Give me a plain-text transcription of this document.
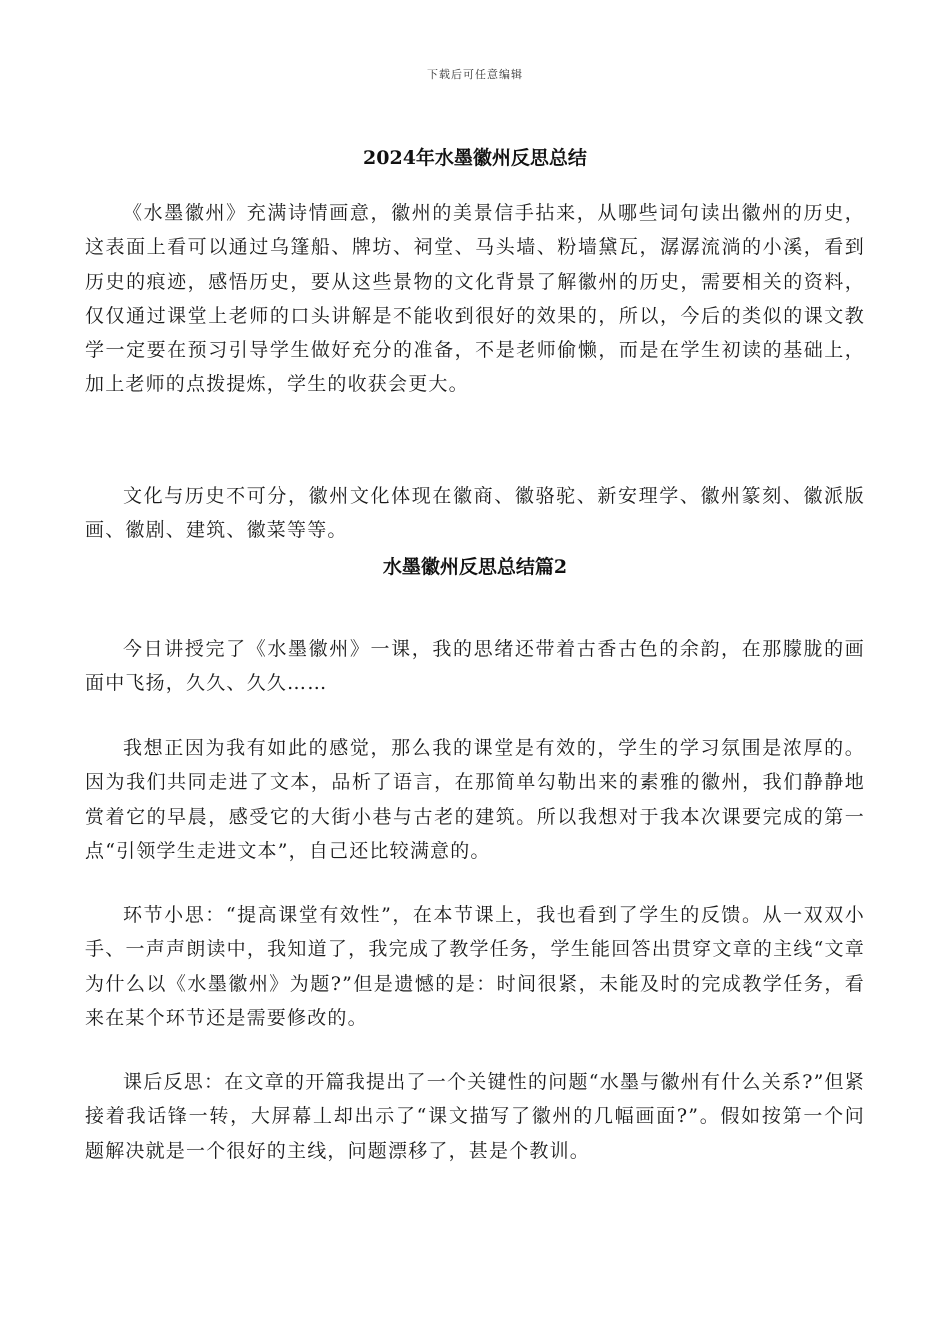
下载后可任意编辑
2024年水墨徽州反思总结

《水墨徽州》充满诗情画意，徽州的美景信手拈来，从哪些词句读出徽州的历史，这表面上看可以通过乌篷船、牌坊、祠堂、马头墙、粉墙黛瓦，潺潺流淌的小溪，看到历史的痕迹，感悟历史，要从这些景物的文化背景了解徽州的历史，需要相关的资料，仅仅通过课堂上老师的口头讲解是不能收到很好的效果的，所以，今后的类似的课文教学一定要在预习引导学生做好充分的准备，不是老师偷懒，而是在学生初读的基础上，加上老师的点拨提炼，学生的收获会更大。

文化与历史不可分，徽州文化体现在徽商、徽骆驼、新安理学、徽州篆刻、徽派版画、徽剧、建筑、徽菜等等。

水墨徽州反思总结篇2

今日讲授完了《水墨徽州》一课，我的思绪还带着古香古色的余韵，在那朦胧的画面中飞扬，久久、久久……

我想正因为我有如此的感觉，那么我的课堂是有效的，学生的学习氛围是浓厚的。因为我们共同走进了文本，品析了语言，在那简单勾勒出来的素雅的徽州，我们静静地赏着它的早晨，感受它的大街小巷与古老的建筑。所以我想对于我本次课要完成的第一点“引领学生走进文本”，自己还比较满意的。

环节小思：“提高课堂有效性”，在本节课上，我也看到了学生的反馈。从一双双小手、一声声朗读中，我知道了，我完成了教学任务，学生能回答出贯穿文章的主线“文章为什么以《水墨徽州》为题?”但是遗憾的是：时间很紧，未能及时的完成教学任务，看来在某个环节还是需要修改的。

课后反思：在文章的开篇我提出了一个关键性的问题“水墨与徽州有什么关系?”但紧接着我话锋一转，大屏幕丄却出示了“课文描写了徽州的几幅画面?”。假如按第一个问题解决就是一个很好的主线，问题漂移了，甚是个教训。
